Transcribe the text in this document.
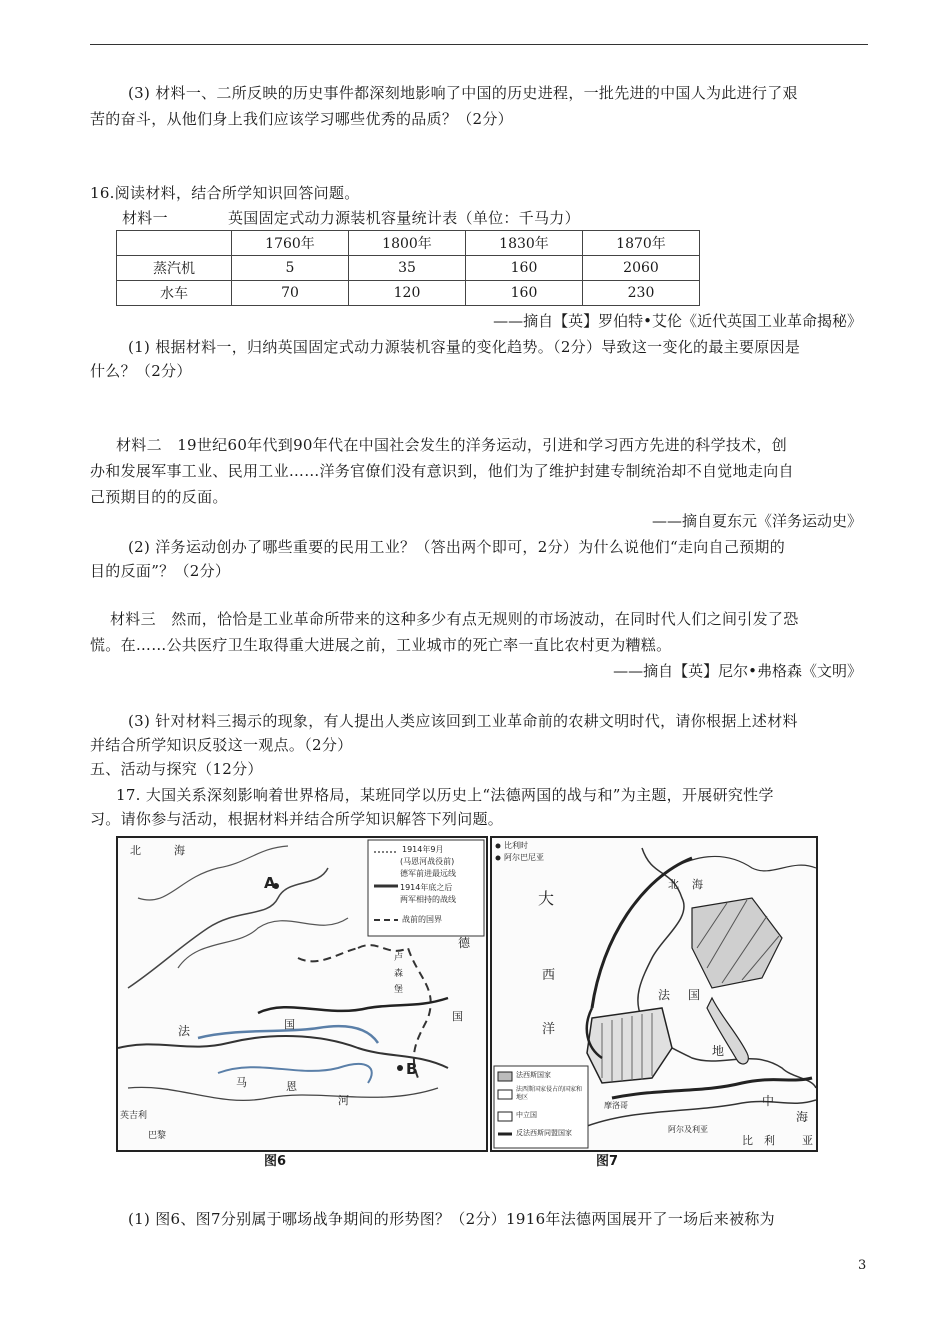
(3) 材料一、二所反映的历史事件都深刻地影响了中国的历史进程，一批先进的中国人为此进行了艰
苦的奋斗，从他们身上我们应该学习哪些优秀的品质？（2分）
16.阅读材料，结合所学知识回答问题。
材料一	英国固定式动力源装机容量统计表（单位：千马力）
	1760年	1800年	1830年	1870年
蒸汽机	5	35	160	2060
水车	70	120	160	230
——摘自【英】罗伯特•艾伦《近代英国工业革命揭秘》
(1) 根据材料一，归纳英国固定式动力源装机容量的变化趋势。（2分）导致这一变化的最主要原因是
什么？（2分）
材料二　19世纪60年代到90年代在中国社会发生的洋务运动，引进和学习西方先进的科学技术，创
办和发展军事工业、民用工业……洋务官僚们没有意识到，他们为了维护封建专制统治却不自觉地走向自
己预期目的的反面。
——摘自夏东元《洋务运动史》
(2) 洋务运动创办了哪些重要的民用工业？（答出两个即可，2分）为什么说他们“走向自己预期的
目的反面”？（2分）
材料三　然而，恰恰是工业革命所带来的这种多少有点无规则的市场波动，在同时代人们之间引发了恐
慌。在……公共医疗卫生取得重大进展之前，工业城市的死亡率一直比农村更为糟糕。
——摘自【英】尼尔•弗格森《文明》
(3) 针对材料三揭示的现象，有人提出人类应该回到工业革命前的农耕文明时代，请你根据上述材料
并结合所学知识反驳这一观点。（2分）
五、活动与探究（12分）
17. 大国关系深刻影响着世界格局，某班同学以历史上“法德两国的战与和”为主题，开展研究性学
习。请你参与活动，根据材料并结合所学知识解答下列问题。
1914年9月
(马恩河战役前)
德军前进最远线
1914年底之后
两军相持的战线
战前的国界
北	海
A
B
德
国
法	国
马	恩
河
卢
森
堡
英吉利
巴黎
图6
比利时
阿尔巴尼亚
法西斯国家
法西斯国家侵占的国家和地区
中立国
反法西斯同盟国家
大
西
洋
北 海
法 国
地
中
海
利
比	亚
阿尔及利亚
摩洛哥
图7
(1) 图6、图7分别属于哪场战争期间的形势图？（2分）1916年法德两国展开了一场后来被称为
3
